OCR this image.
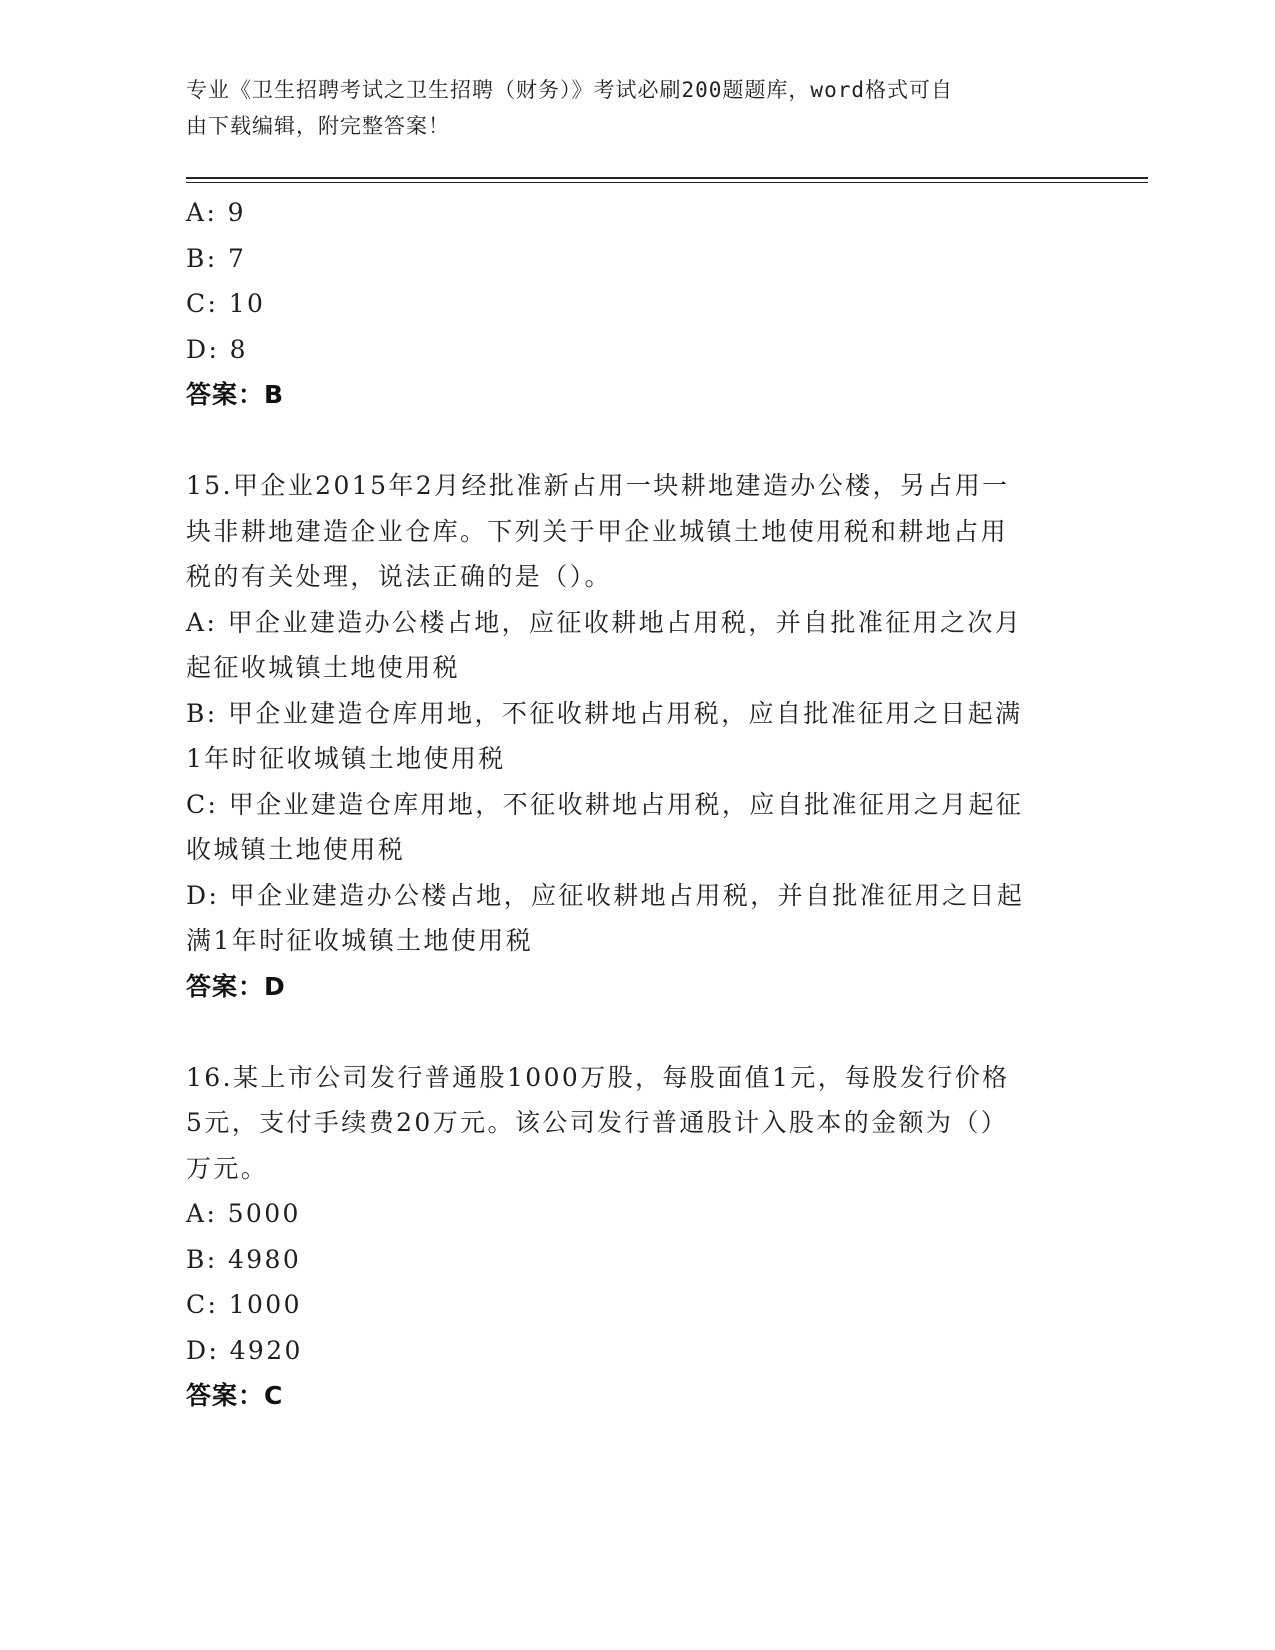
专业《卫生招聘考试之卫生招聘（财务）》考试必刷200题题库，word格式可自
由下载编辑，附完整答案！
A: 9
B: 7
C: 10
D: 8
答案：B
15.甲企业2015年2月经批准新占用一块耕地建造办公楼，另占用一
块非耕地建造企业仓库。下列关于甲企业城镇土地使用税和耕地占用
税的有关处理，说法正确的是（）。
A: 甲企业建造办公楼占地，应征收耕地占用税，并自批准征用之次月
起征收城镇土地使用税
B: 甲企业建造仓库用地，不征收耕地占用税，应自批准征用之日起满
1年时征收城镇土地使用税
C: 甲企业建造仓库用地，不征收耕地占用税，应自批准征用之月起征
收城镇土地使用税
D: 甲企业建造办公楼占地，应征收耕地占用税，并自批准征用之日起
满1年时征收城镇土地使用税
答案：D
16.某上市公司发行普通股1000万股，每股面值1元，每股发行价格
5元，支付手续费20万元。该公司发行普通股计入股本的金额为（）
万元。
A: 5000
B: 4980
C: 1000
D: 4920
答案：C
